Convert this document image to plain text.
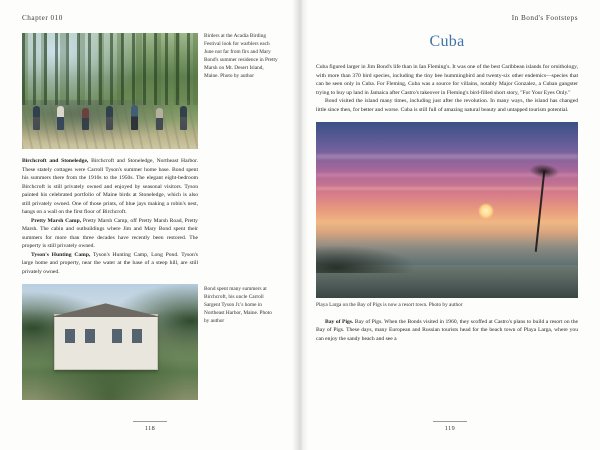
Chapter 010
Birders at the Acadia Birding Festival look for warblers each June not far from firs and Mary Bond's summer residence in Pretty Marsh on Mt. Desert Island, Maine. Photo by author

Birchcroft and Stoneledge, Birchcroft and Stoneledge, Northeast Harbor. These stately cottages were Carroll Tyson's summer home base. Bond spent his summers there from the 1910s to the 1950s. The elegant eight-bedroom Birchcroft is still privately owned and enjoyed by seasonal visitors. Tyson painted his celebrated portfolio of Maine birds at Stoneledge, which is also still privately owned. One of those prints, of blue jays making a robin's nest, hangs on a wall on the first floor of Birchcroft.

Pretty Marsh Camp, Pretty Marsh Camp, off Pretty Marsh Road, Pretty Marsh. The cabin and outbuildings where Jim and Mary Bond spent their summers for more than three decades have recently been restored. The property is still privately owned.

Tyson's Hunting Camp, Tyson's Hunting Camp, Long Pond. Tyson's large home and property, near the water at the base of a steep hill, are still privately owned.

Bond spent many summers at Birchcroft, his uncle Carroll Sargent Tyson Jr.'s home in Northeast Harbor, Maine. Photo by author
118
In Bond's Footsteps
Cuba

Cuba figured larger in Jim Bond's life than in Ian Fleming's. It was one of the best Caribbean islands for ornithology, with more than 370 bird species, including the tiny bee hummingbird and twenty-six other endemics—species that can be seen only in Cuba. For Fleming, Cuba was a source for villains, notably Major Gonzalez, a Cuban gangster trying to buy up land in Jamaica after Castro's takeover in Fleming's bird-filled short story, "For Your Eyes Only."

Bond visited the island many times, including just after the revolution. In many ways, the island has changed little since then, for better and worse. Cuba is still full of amazing natural beauty and untapped tourism potential.

Playa Larga on the Bay of Pigs is now a resort town. Photo by author

Bay of Pigs. Bay of Pigs. When the Bonds visited in 1960, they scoffed at Castro's plans to build a resort on the Bay of Pigs. These days, many European and Russian tourists head for the beach town of Playa Larga, where you can enjoy the sandy beach and see a

119
